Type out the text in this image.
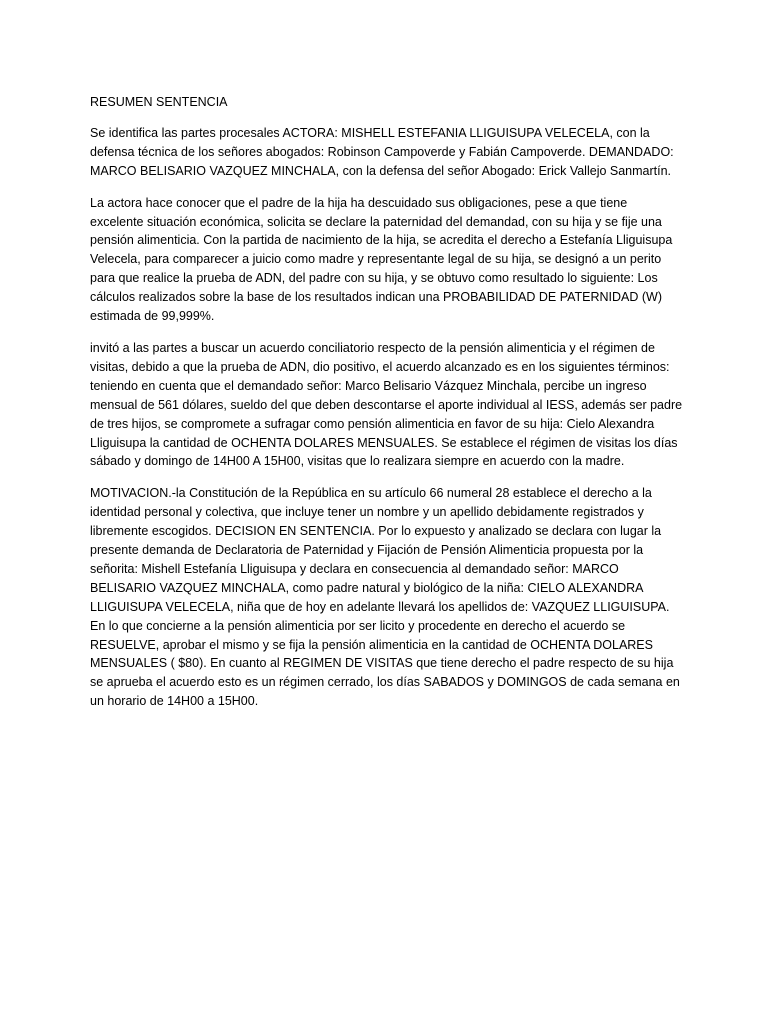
RESUMEN SENTENCIA

Se identifica las partes procesales ACTORA: MISHELL ESTEFANIA LLIGUISUPA VELECELA, con la defensa técnica de los señores abogados: Robinson Campoverde y Fabián Campoverde. DEMANDADO: MARCO BELISARIO VAZQUEZ MINCHALA, con la defensa del señor Abogado: Erick Vallejo Sanmartín.

La actora hace conocer que el padre de la hija ha descuidado sus obligaciones, pese a que tiene excelente situación económica, solicita se declare la paternidad del demandad, con su hija y se fije una pensión alimenticia. Con la partida de nacimiento de la hija, se acredita el derecho a Estefanía Lliguisupa Velecela, para comparecer a juicio como madre y representante legal de su hija, se designó a un perito para que realice la prueba de ADN, del padre con su hija, y se obtuvo como resultado lo siguiente: Los cálculos realizados sobre la base de los resultados indican una PROBABILIDAD DE PATERNIDAD (W) estimada de 99,999%.

invitó a las partes a buscar un acuerdo conciliatorio respecto de la pensión alimenticia y el régimen de visitas, debido a que la prueba de ADN, dio positivo, el acuerdo alcanzado es en los siguientes términos: teniendo en cuenta que el demandado señor: Marco Belisario Vázquez Minchala, percibe un ingreso mensual de 561 dólares, sueldo del que deben descontarse el aporte individual al IESS, además ser padre de tres hijos, se compromete a sufragar como pensión alimenticia en favor de su hija: Cielo Alexandra Lliguisupa la cantidad de OCHENTA DOLARES MENSUALES. Se establece el régimen de visitas los días sábado y domingo de 14H00 A 15H00, visitas que lo realizara siempre en acuerdo con la madre.

MOTIVACION.-la Constitución de la República en su artículo 66 numeral 28 establece el derecho a la identidad personal y colectiva, que incluye tener un nombre y un apellido debidamente registrados y libremente escogidos. DECISION EN SENTENCIA. Por lo expuesto y analizado se declara con lugar la presente demanda de Declaratoria de Paternidad y Fijación de Pensión Alimenticia propuesta por la señorita: Mishell Estefanía Lliguisupa y declara en consecuencia al demandado señor: MARCO BELISARIO VAZQUEZ MINCHALA, como padre natural y biológico de la niña: CIELO ALEXANDRA LLIGUISUPA VELECELA, niña que de hoy en adelante llevará los apellidos de: VAZQUEZ LLIGUISUPA. En lo que concierne a la pensión alimenticia por ser licito y procedente en derecho el acuerdo se RESUELVE, aprobar el mismo y se fija la pensión alimenticia en la cantidad de OCHENTA DOLARES MENSUALES ( $80). En cuanto al REGIMEN DE VISITAS que tiene derecho el padre respecto de su hija se aprueba el acuerdo esto es un régimen cerrado, los días SABADOS y DOMINGOS de cada semana en un horario de 14H00 a 15H00.
